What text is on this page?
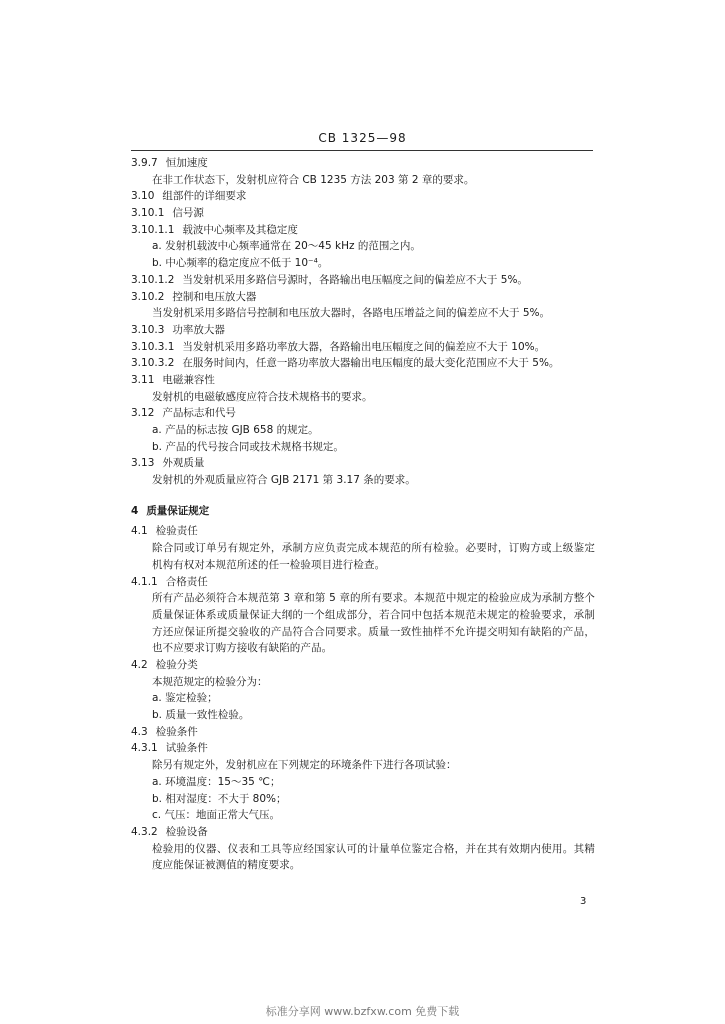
CB 1325—98
3.9.7 恒加速度
在非工作状态下，发射机应符合 CB 1235 方法 203 第 2 章的要求。
3.10 组部件的详细要求
3.10.1 信号源
3.10.1.1 载波中心频率及其稳定度
a. 发射机载波中心频率通常在 20～45 kHz 的范围之内。
b. 中心频率的稳定度应不低于 10⁻⁴。
3.10.1.2 当发射机采用多路信号源时，各路输出电压幅度之间的偏差应不大于 5%。
3.10.2 控制和电压放大器
当发射机采用多路信号控制和电压放大器时，各路电压增益之间的偏差应不大于 5%。
3.10.3 功率放大器
3.10.3.1 当发射机采用多路功率放大器，各路输出电压幅度之间的偏差应不大于 10%。
3.10.3.2 在服务时间内，任意一路功率放大器输出电压幅度的最大变化范围应不大于 5%。
3.11 电磁兼容性
发射机的电磁敏感度应符合技术规格书的要求。
3.12 产品标志和代号
a. 产品的标志按 GJB 658 的规定。
b. 产品的代号按合同或技术规格书规定。
3.13 外观质量
发射机的外观质量应符合 GJB 2171 第 3.17 条的要求。
4 质量保证规定
4.1 检验责任
除合同或订单另有规定外，承制方应负责完成本规范的所有检验。必要时，订购方或上级鉴定机构有权对本规范所述的任一检验项目进行检查。
4.1.1 合格责任
所有产品必须符合本规范第 3 章和第 5 章的所有要求。本规范中规定的检验应成为承制方整个质量保证体系或质量保证大纲的一个组成部分，若合同中包括本规范未规定的检验要求，承制方还应保证所提交验收的产品符合合同要求。质量一致性抽样不允许提交明知有缺陷的产品，也不应要求订购方接收有缺陷的产品。
4.2 检验分类
本规范规定的检验分为：
a. 鉴定检验；
b. 质量一致性检验。
4.3 检验条件
4.3.1 试验条件
除另有规定外，发射机应在下列规定的环境条件下进行各项试验：
a. 环境温度：15～35 ℃；
b. 相对湿度：不大于 80%；
c. 气压：地面正常大气压。
4.3.2 检验设备
检验用的仪器、仪表和工具等应经国家认可的计量单位鉴定合格，并在其有效期内使用。其精度应能保证被测值的精度要求。
3
标准分享网 www.bzfxw.com 免费下载
